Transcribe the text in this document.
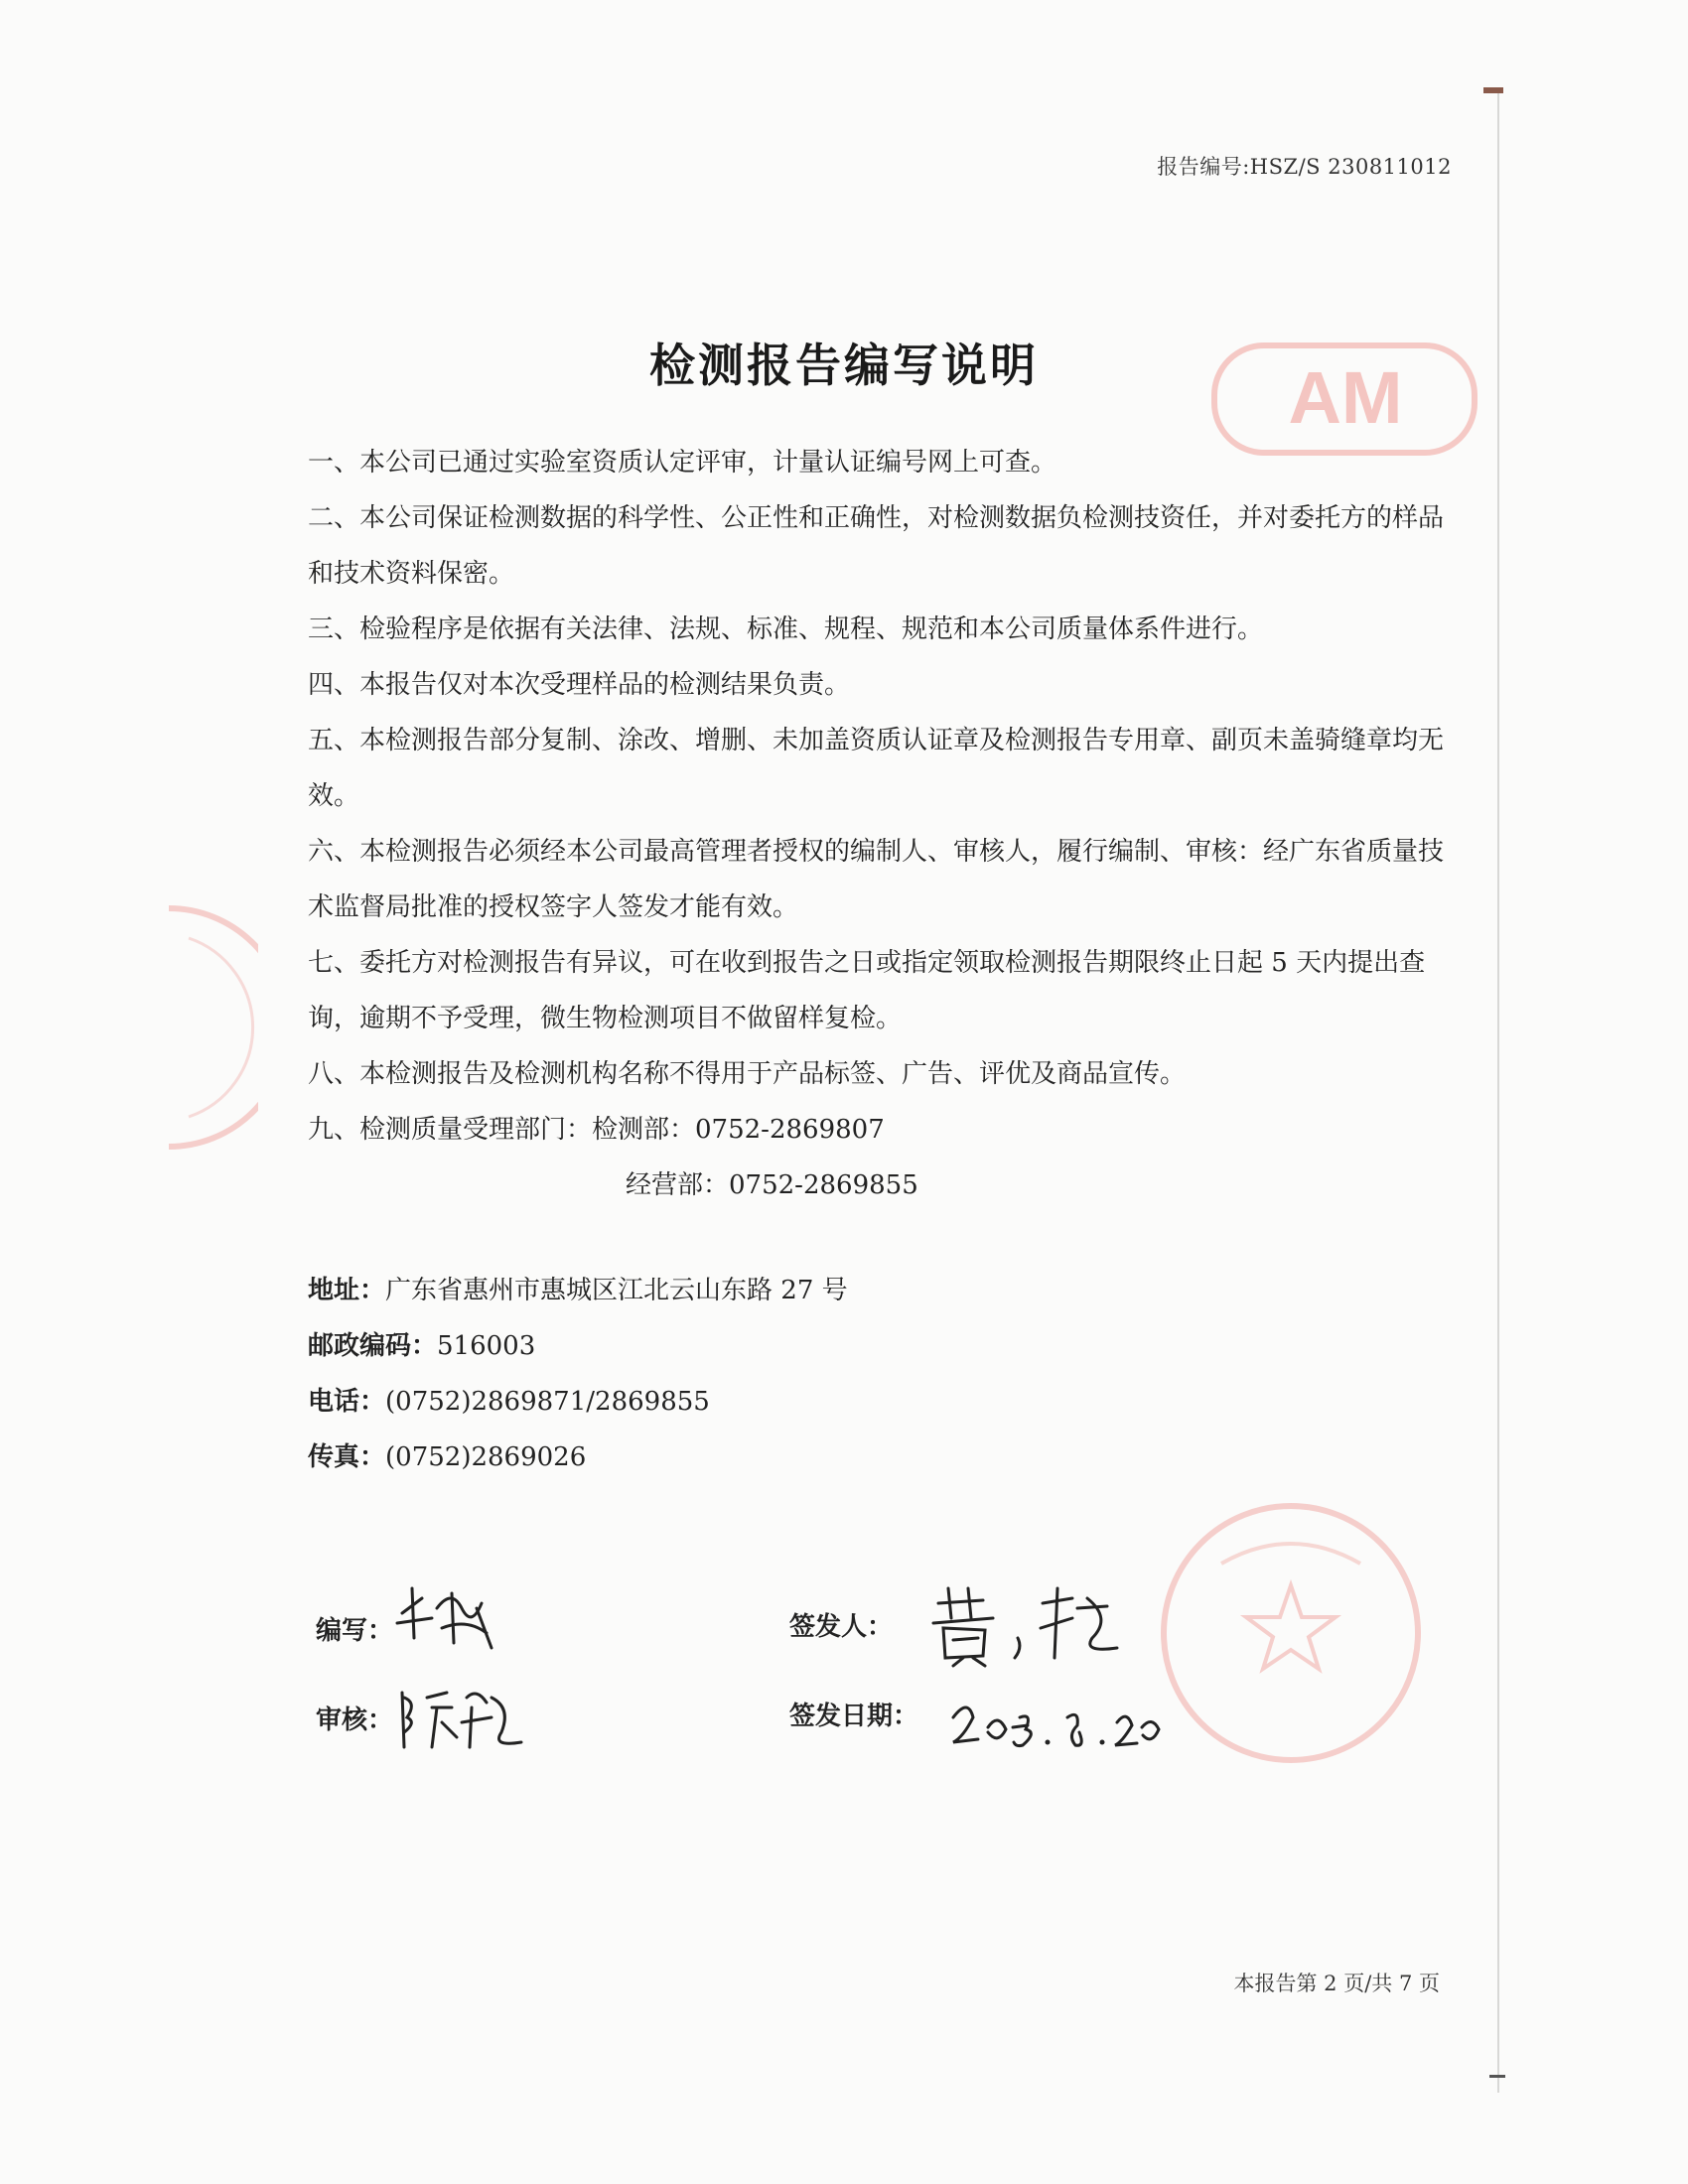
报告编号:HSZ/S 230811012
AM
检测报告编写说明

一、本公司已通过实验室资质认定评审，计量认证编号网上可查。

二、本公司保证检测数据的科学性、公正性和正确性，对检测数据负检测技资任，并对委托方的样品和技术资料保密。

三、检验程序是依据有关法律、法规、标准、规程、规范和本公司质量体系件进行。

四、本报告仅对本次受理样品的检测结果负责。

五、本检测报告部分复制、涂改、增删、未加盖资质认证章及检测报告专用章、副页未盖骑缝章均无效。

六、本检测报告必须经本公司最高管理者授权的编制人、审核人，履行编制、审核：经广东省质量技术监督局批准的授权签字人签发才能有效。

七、委托方对检测报告有异议，可在收到报告之日或指定领取检测报告期限终止日起 5 天内提出查询，逾期不予受理，微生物检测项目不做留样复检。

八、本检测报告及检测机构名称不得用于产品标签、广告、评优及商品宣传。

九、检测质量受理部门：检测部：0752-2869807

经营部：0752-2869855

地址：广东省惠州市惠城区江北云山东路 27 号
邮政编码：516003
电话：(0752)2869871/2869855
传真：(0752)2869026
编写：
审核：
签发人：
签发日期：
本报告第 2 页/共 7 页
